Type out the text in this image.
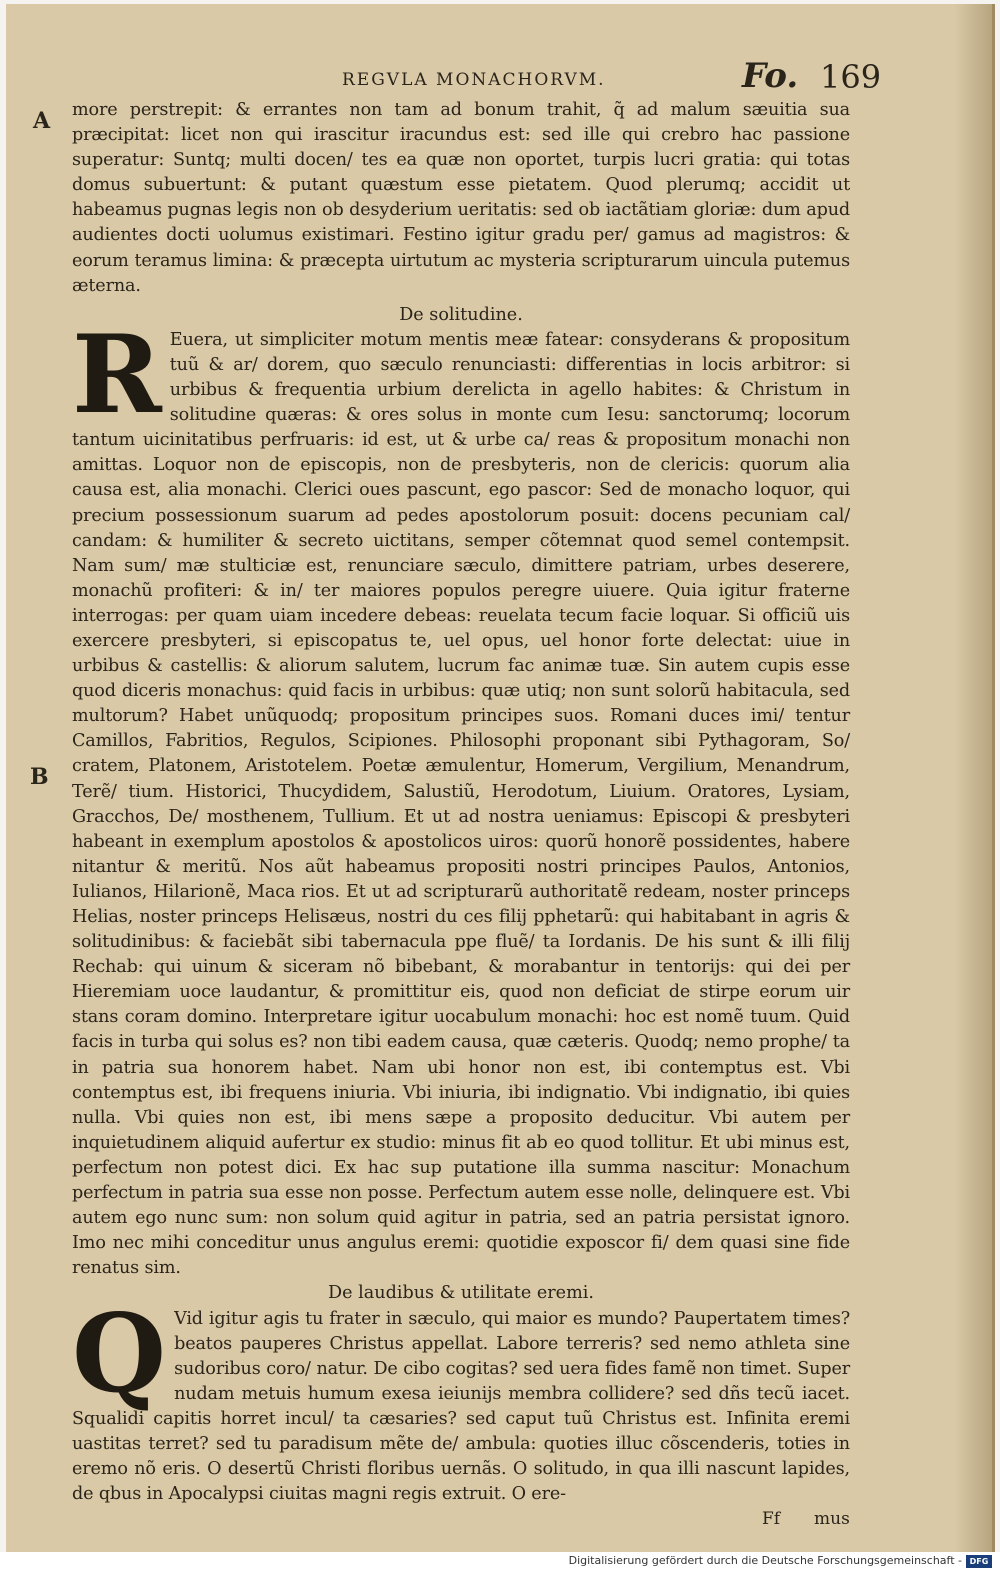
A
B
REGVLA MONACHORVM.	Fo. 169

more perstrepit: & errantes non tam ad bonum trahit, q̃ ad malum sæuitia sua præcipitat: licet non qui irascitur iracundus est: sed ille qui crebro hac passione superatur: Suntq; multi docen/ tes ea quæ non oportet, turpis lucri gratia: qui totas domus subuertunt: & putant quæstum esse pietatem. Quod plerumq; accidit ut habeamus pugnas legis non ob desyderium ueritatis: sed ob iactãtiam gloriæ: dum apud audientes docti uolumus existimari. Festino igitur gradu per/ gamus ad magistros: & eorum teramus limina: & præcepta uirtutum ac mysteria scripturarum uincula putemus æterna.

De solitudine.

R Euera, ut simpliciter motum mentis meæ fatear: consyderans & propositum tuũ & ar/ dorem, quo sæculo renunciasti: differentias in locis arbitror: si urbibus & frequentia urbium derelicta in agello habites: & Christum in solitudine quæras: & ores solus in monte cum Iesu: sanctorumq; locorum tantum uicinitatibus perfruaris: id est, ut & urbe ca/ reas & propositum monachi non amittas. Loquor non de episcopis, non de presbyteris, non de clericis: quorum alia causa est, alia monachi. Clerici oues pascunt, ego pascor: Sed de monacho loquor, qui precium possessionum suarum ad pedes apostolorum posuit: docens pecuniam cal/ candam: & humiliter & secreto uictitans, semper cõtemnat quod semel contempsit. Nam sum/ mæ stulticiæ est, renunciare sæculo, dimittere patriam, urbes deserere, monachũ profiteri: & in/ ter maiores populos peregre uiuere. Quia igitur fraterne interrogas: per quam uiam incedere debeas: reuelata tecum facie loquar. Si officiũ uis exercere presbyteri, si episcopatus te, uel opus, uel honor forte delectat: uiue in urbibus & castellis: & aliorum salutem, lucrum fac animæ tuæ. Sin autem cupis esse quod diceris monachus: quid facis in urbibus: quæ utiq; non sunt solorũ habitacula, sed multorum? Habet unũquodq; propositum principes suos. Romani duces imi/ tentur Camillos, Fabritios, Regulos, Scipiones. Philosophi proponant sibi Pythagoram, So/ cratem, Platonem, Aristotelem. Poetæ æmulentur, Homerum, Vergilium, Menandrum, Terẽ/ tium. Historici, Thucydidem, Salustiũ, Herodotum, Liuium. Oratores, Lysiam, Gracchos, De/ mosthenem, Tullium. Et ut ad nostra ueniamus: Episcopi & presbyteri habeant in exemplum apostolos & apostolicos uiros: quorũ honorẽ possidentes, habere nitantur & meritũ. Nos aũt habeamus propositi nostri principes Paulos, Antonios, Iulianos, Hilarionẽ, Maca rios. Et ut ad scripturarũ authoritatẽ redeam, noster princeps Helias, noster princeps Helisæus, nostri du ces filij pphetarũ: qui habitabant in agris & solitudinibus: & faciebãt sibi tabernacula ppe fluẽ/ ta Iordanis. De his sunt & illi filij Rechab: qui uinum & siceram nõ bibebant, & morabantur in tentorijs: qui dei per Hieremiam uoce laudantur, & promittitur eis, quod non deficiat de stirpe eorum uir stans coram domino. Interpretare igitur uocabulum monachi: hoc est nomẽ tuum. Quid facis in turba qui solus es? non tibi eadem causa, quæ cæteris. Quodq; nemo prophe/ ta in patria sua honorem habet. Nam ubi honor non est, ibi contemptus est. Vbi contemptus est, ibi frequens iniuria. Vbi iniuria, ibi indignatio. Vbi indignatio, ibi quies nulla. Vbi quies non est, ibi mens sæpe a proposito deducitur. Vbi autem per inquietudinem aliquid aufertur ex studio: minus fit ab eo quod tollitur. Et ubi minus est, perfectum non potest dici. Ex hac sup putatione illa summa nascitur: Monachum perfectum in patria sua esse non posse. Perfectum autem esse nolle, delinquere est. Vbi autem ego nunc sum: non solum quid agitur in patria, sed an patria persistat ignoro. Imo nec mihi conceditur unus angulus eremi: quotidie exposcor fi/ dem quasi sine fide renatus sim.

De laudibus & utilitate eremi.

Q Vid igitur agis tu frater in sæculo, qui maior es mundo? Paupertatem times? beatos pauperes Christus appellat. Labore terreris? sed nemo athleta sine sudoribus coro/ natur. De cibo cogitas? sed uera fides famẽ non timet. Super nudam metuis humum exesa ieiunijs membra collidere? sed dñs tecũ iacet. Squalidi capitis horret incul/ ta cæsaries? sed caput tuũ Christus est. Infinita eremi uastitas terret? sed tu paradisum mẽte de/ ambula: quoties illuc cõscenderis, toties in eremo nõ eris. O desertũ Christi floribus uernãs. O solitudo, in qua illi nascunt lapides, de qbus in Apocalypsi ciuitas magni regis extruit. O ere-

Ff mus
Digitalisierung gefördert durch die Deutsche Forschungsgemeinschaft - DFG
